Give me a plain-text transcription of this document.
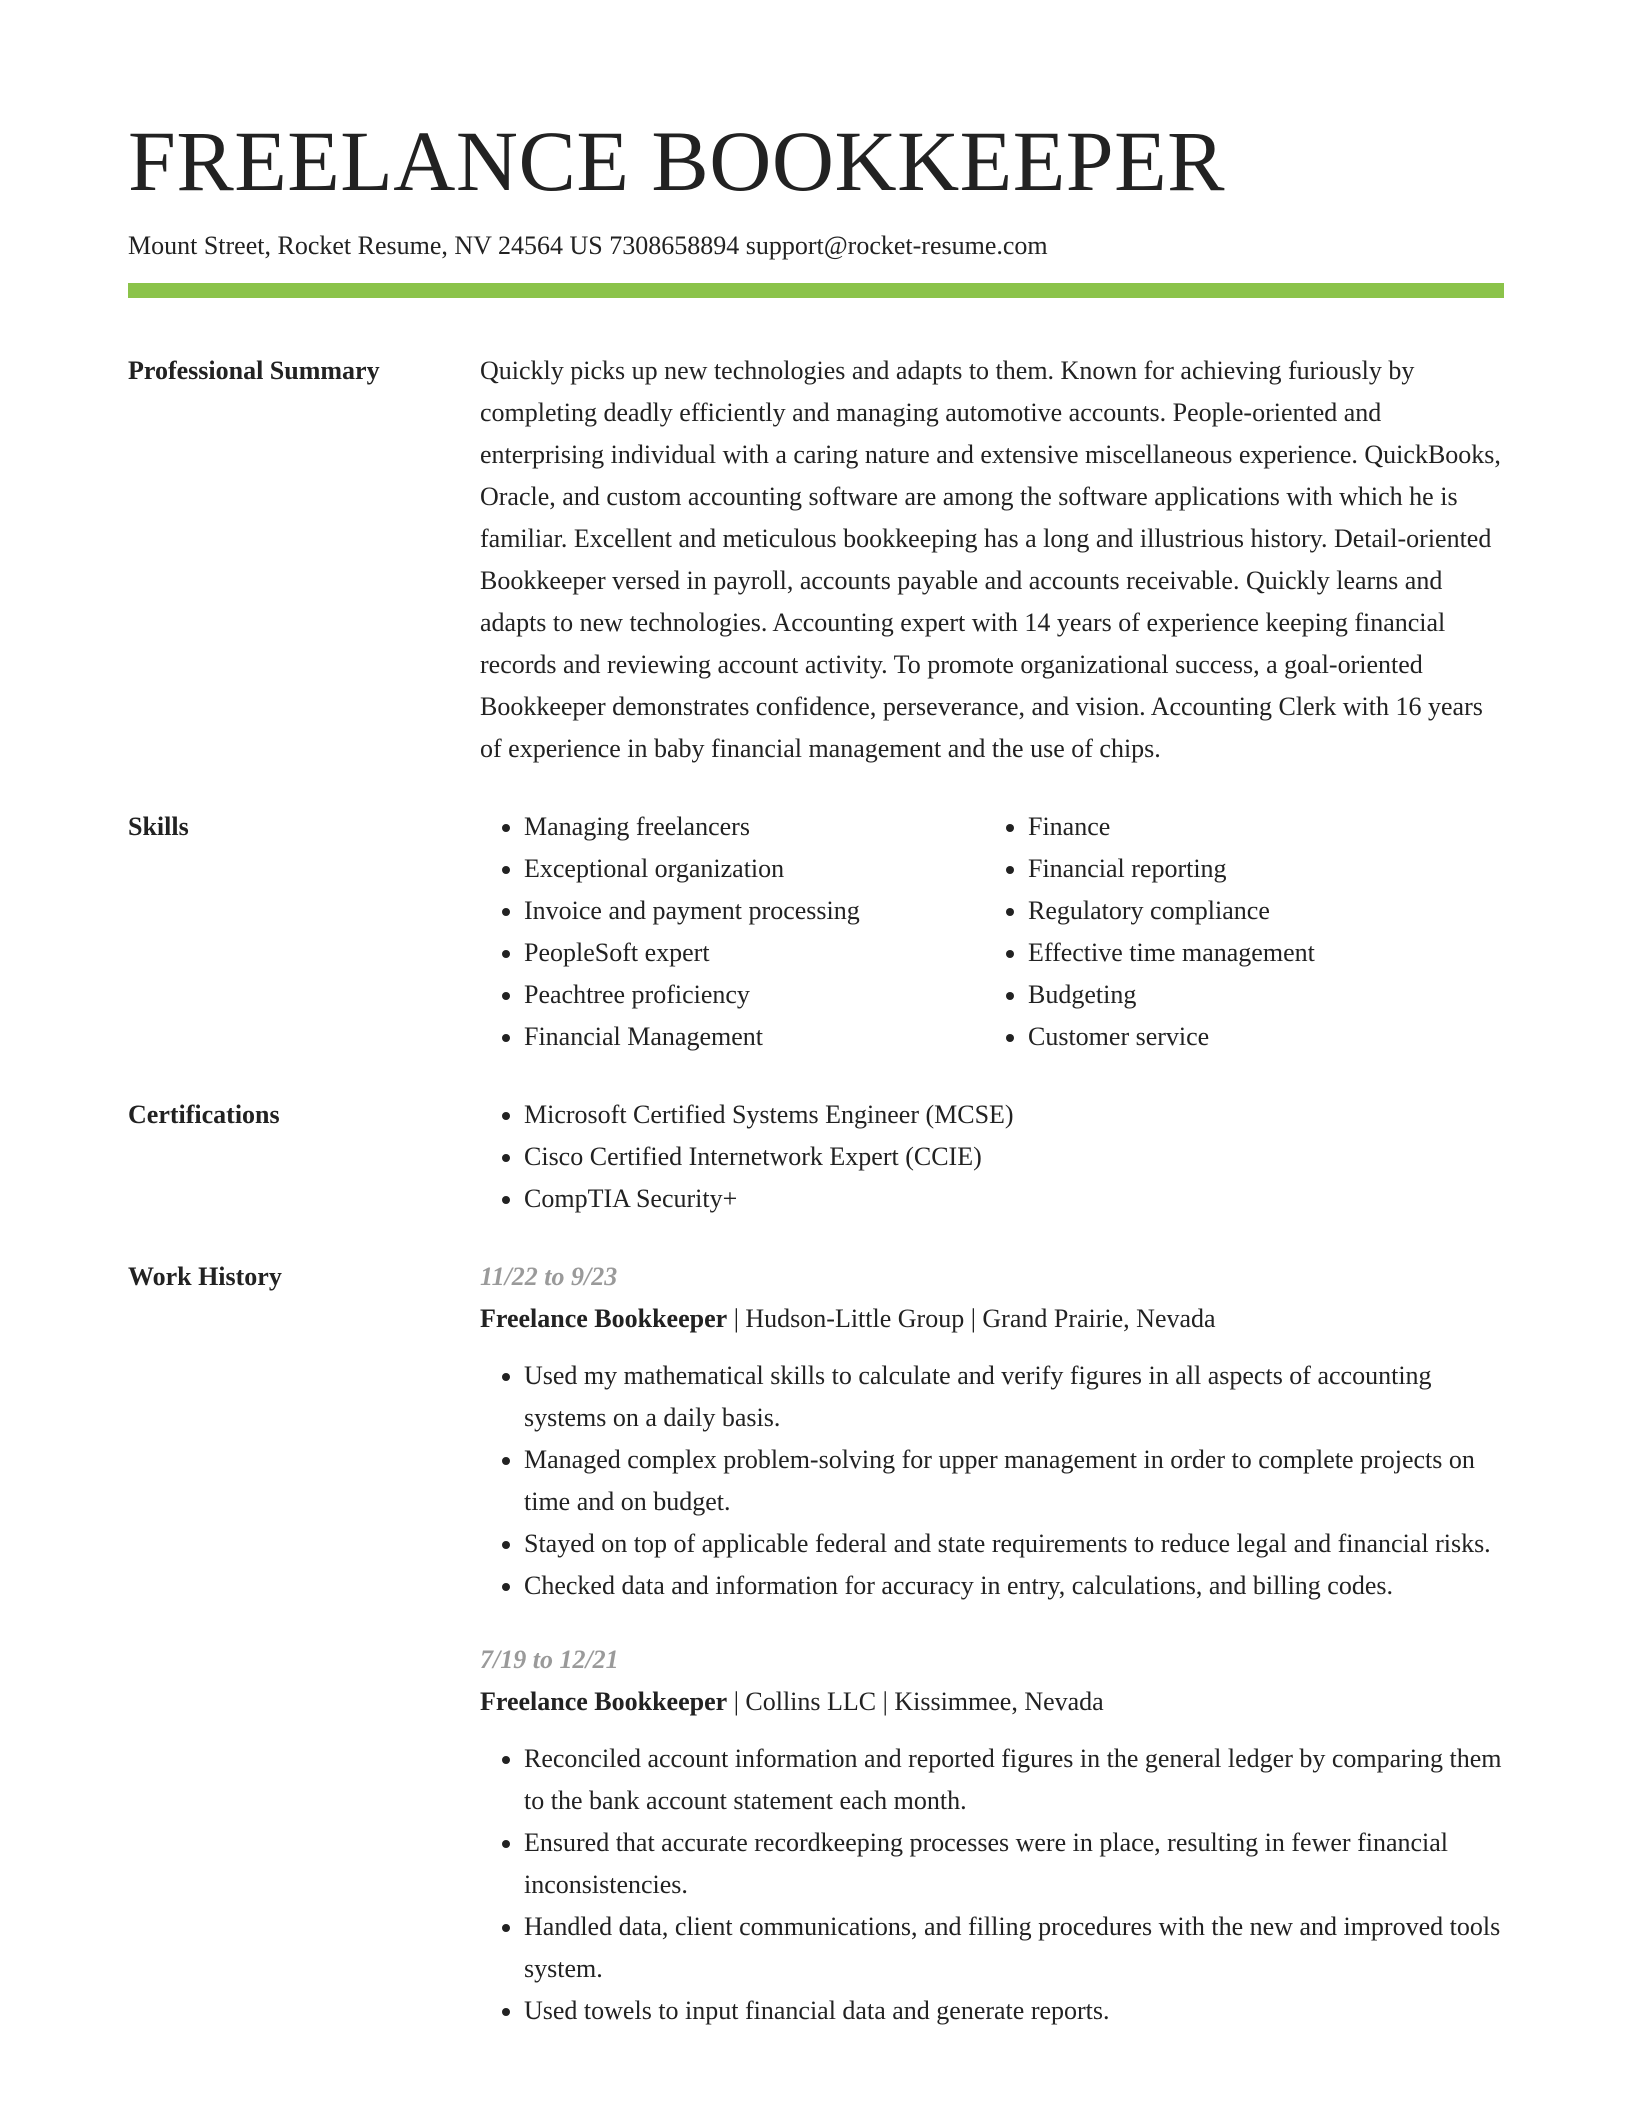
FREELANCE BOOKKEEPER
Mount Street, Rocket Resume, NV 24564 US 7308658894 support@rocket-resume.com
Professional Summary	Quickly picks up new technologies and adapts to them. Known for achieving furiously by completing deadly efficiently and managing automotive accounts. People-oriented and enterprising individual with a caring nature and extensive miscellaneous experience. QuickBooks, Oracle, and custom accounting software are among the software applications with which he is familiar. Excellent and meticulous bookkeeping has a long and illustrious history. Detail-oriented Bookkeeper versed in payroll, accounts payable and accounts receivable. Quickly learns and adapts to new technologies. Accounting expert with 14 years of experience keeping financial records and reviewing account activity. To promote organizational success, a goal-oriented Bookkeeper demonstrates confidence, perseverance, and vision. Accounting Clerk with 16 years of experience in baby financial management and the use of chips.

Skills	• Managing freelancers
• Exceptional organization
• Invoice and payment processing
• PeopleSoft expert
• Peachtree proficiency
• Financial Management
• Finance
• Financial reporting
• Regulatory compliance
• Effective time management
• Budgeting
• Customer service
Certifications	• Microsoft Certified Systems Engineer (MCSE)
• Cisco Certified Internetwork Expert (CCIE)
• CompTIA Security+
Work History	11/22 to 9/23
Freelance Bookkeeper | Hudson-Little Group | Grand Prairie, Nevada
• Used my mathematical skills to calculate and verify figures in all aspects of accounting systems on a daily basis.
• Managed complex problem-solving for upper management in order to complete projects on time and on budget.
• Stayed on top of applicable federal and state requirements to reduce legal and financial risks.
• Checked data and information for accuracy in entry, calculations, and billing codes.
7/19 to 12/21
Freelance Bookkeeper | Collins LLC | Kissimmee, Nevada
• Reconciled account information and reported figures in the general ledger by comparing them to the bank account statement each month.
• Ensured that accurate recordkeeping processes were in place, resulting in fewer financial inconsistencies.
• Handled data, client communications, and filling procedures with the new and improved tools system.
• Used towels to input financial data and generate reports.
